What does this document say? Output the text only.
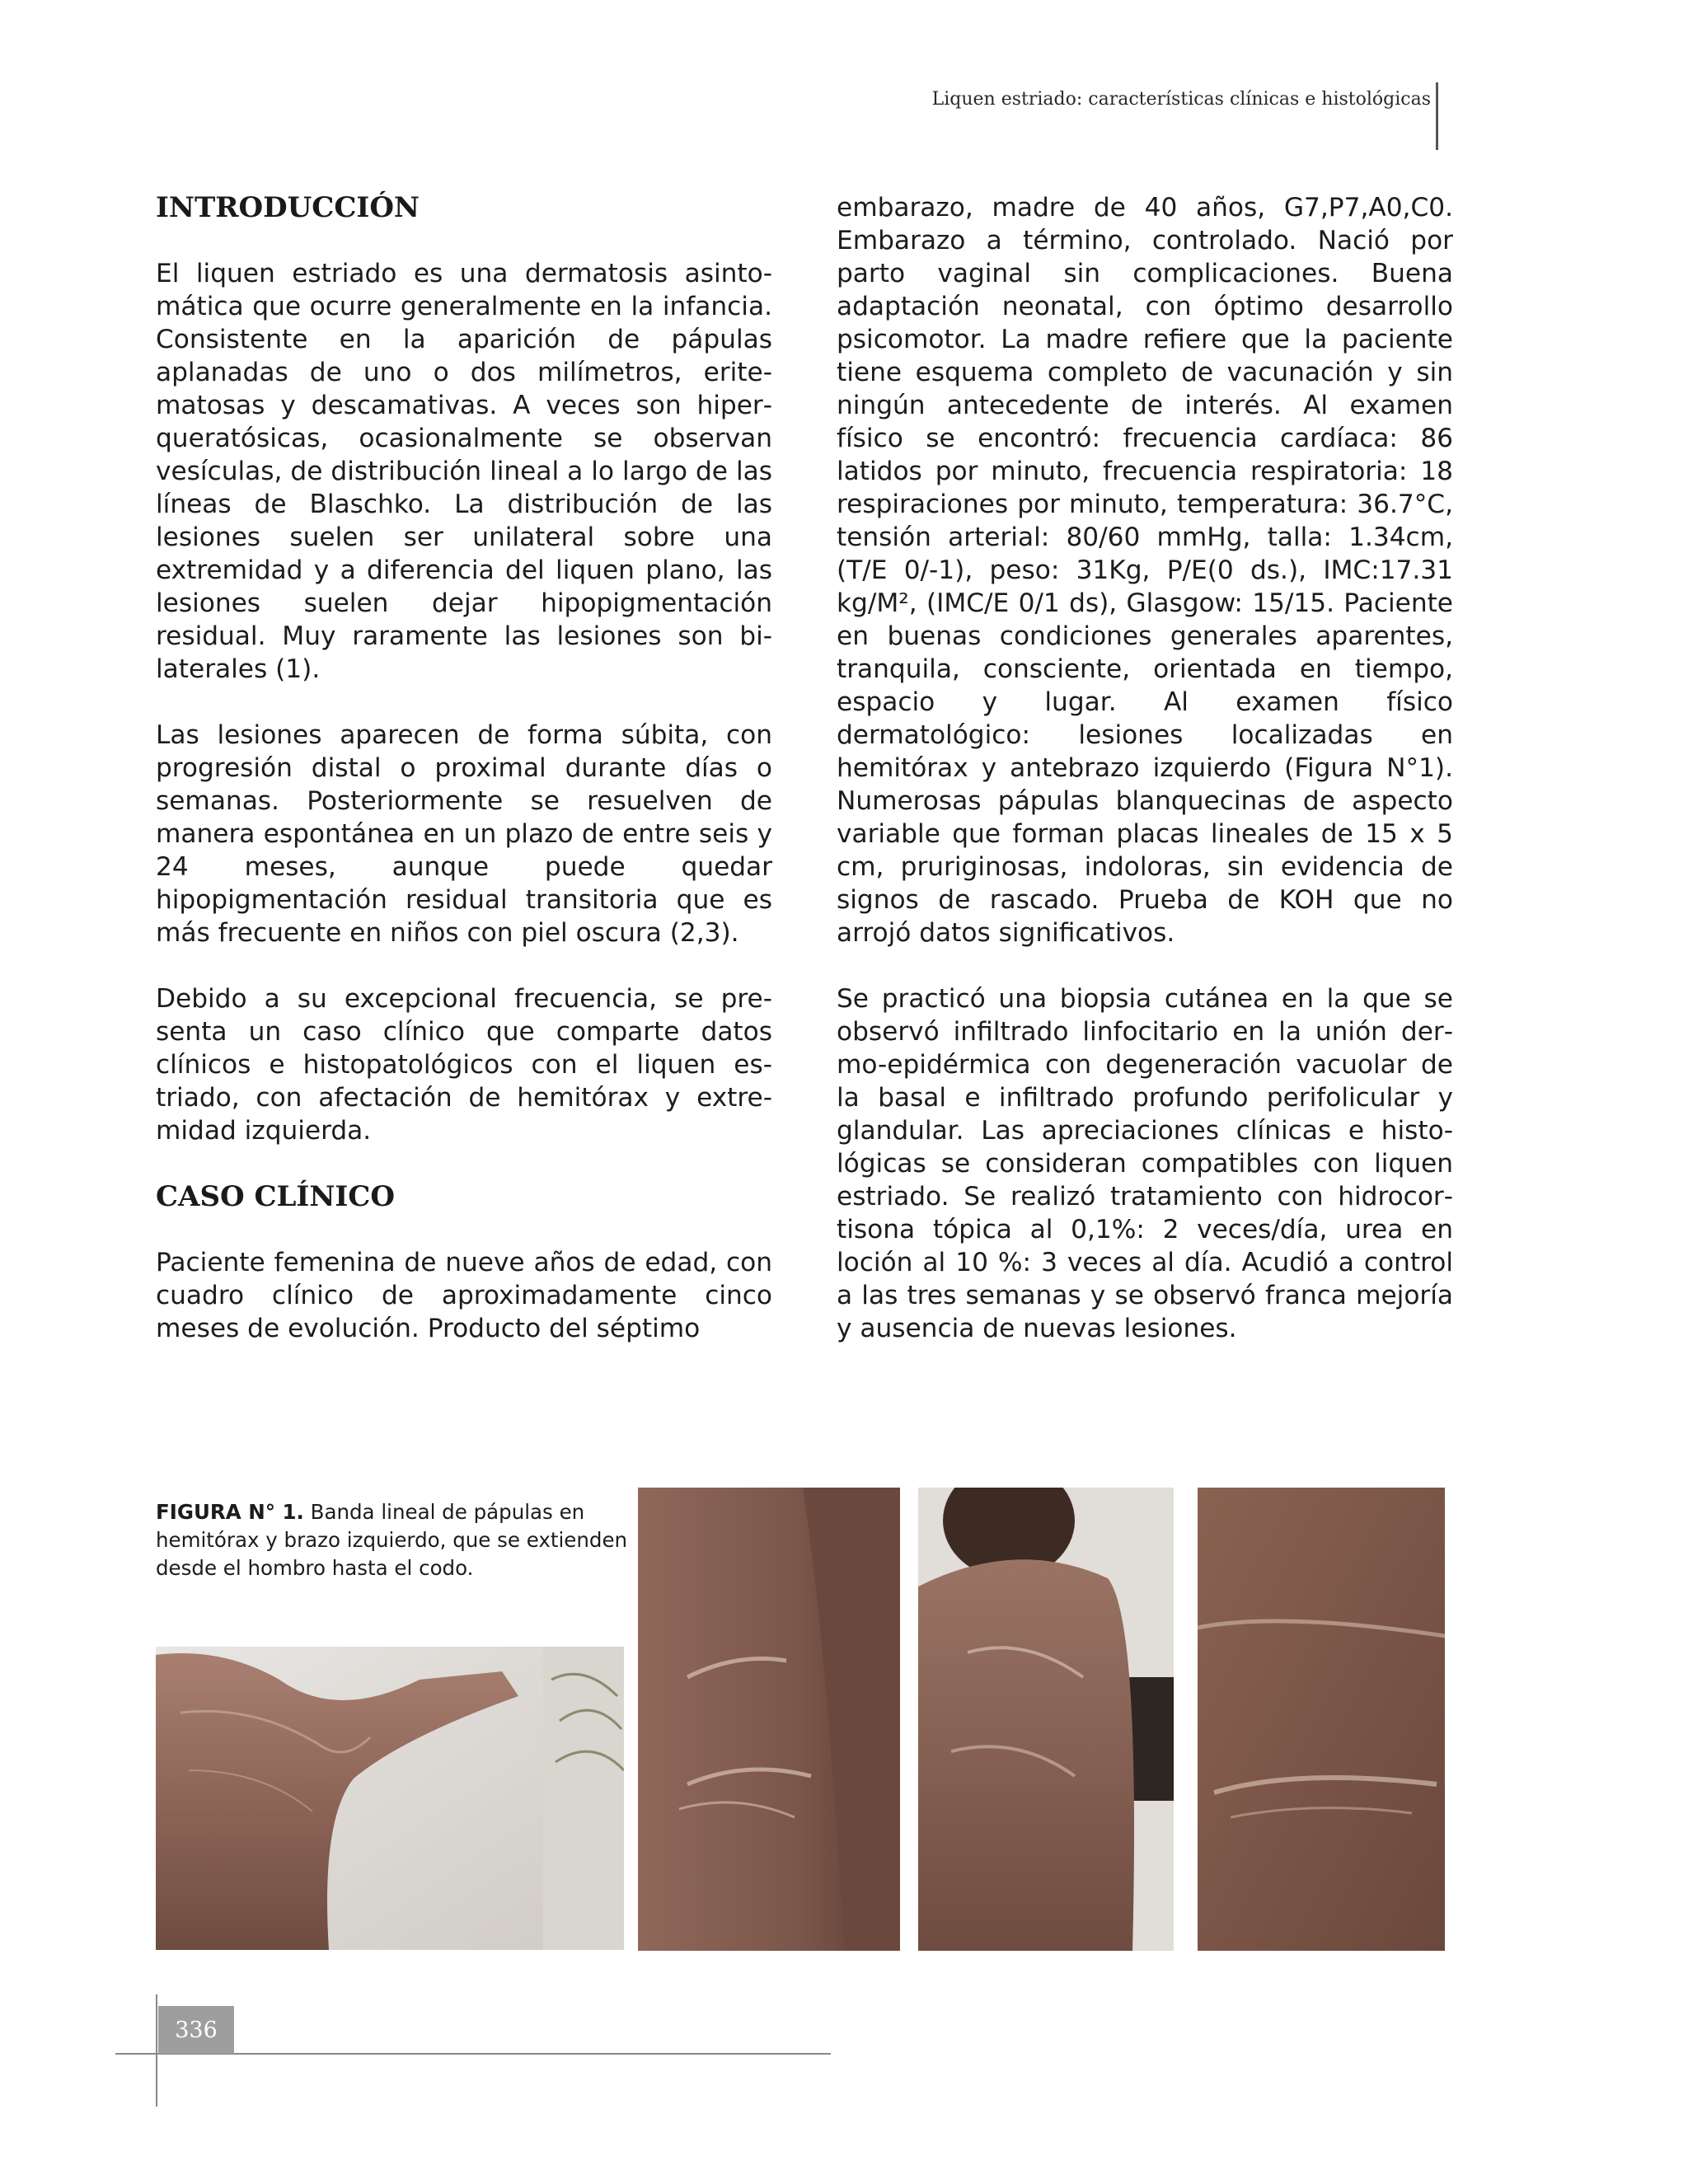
Liquen estriado: características clínicas e histológicas
INTRODUCCIÓN

El liquen estriado es una dermatosis asintomática que ocurre generalmente en la infancia. Consistente en la aparición de pápulas aplanadas de uno o dos milímetros, eritematosas y descamativas. A veces son hiperqueratósicas, ocasionalmente se observan vesículas, de distribución lineal a lo largo de las líneas de Blaschko. La distribución de las lesiones suelen ser unilateral sobre una extremidad y a diferencia del liquen plano, las lesiones suelen dejar hipopigmentación residual. Muy raramente las lesiones son bilaterales (1).

Las lesiones aparecen de forma súbita, con progresión distal o proximal durante días o semanas. Posteriormente se resuelven de manera espontánea en un plazo de entre seis y 24 meses, aunque puede quedar hipopigmentación residual transitoria que es más frecuente en niños con piel oscura (2,3).

Debido a su excepcional frecuencia, se presenta un caso clínico que comparte datos clínicos e histopatológicos con el liquen estriado, con afectación de hemitórax y extremidad izquierda.

CASO CLÍNICO

Paciente femenina de nueve años de edad, con cuadro clínico de aproximadamente cinco meses de evolución. Producto del séptimo

embarazo, madre de 40 años, G7,P7,A0,C0. Embarazo a término, controlado. Nació por parto vaginal sin complicaciones. Buena adaptación neonatal, con óptimo desarrollo psicomotor. La madre refiere que la paciente tiene esquema completo de vacunación y sin ningún antecedente de interés. Al examen físico se encontró: frecuencia cardíaca: 86 latidos por minuto, frecuencia respiratoria: 18 respiraciones por minuto, temperatura: 36.7°C, tensión arterial: 80/60 mmHg, talla: 1.34cm, (T/E 0/-1), peso: 31Kg, P/E(0 ds.), IMC:17.31 kg/M², (IMC/E 0/1 ds), Glasgow: 15/15. Paciente en buenas condiciones generales aparentes, tranquila, consciente, orientada en tiempo, espacio y lugar. Al examen físico dermatológico: lesiones localizadas en hemitórax y antebrazo izquierdo (Figura N°1). Numerosas pápulas blanquecinas de aspecto variable que forman placas lineales de 15 x 5 cm, pruriginosas, indoloras, sin evidencia de signos de rascado. Prueba de KOH que no arrojó datos significativos.

Se practicó una biopsia cutánea en la que se observó infiltrado linfocitario en la unión dermo-epidérmica con degeneración vacuolar de la basal e infiltrado profundo perifolicular y glandular. Las apreciaciones clínicas e histológicas se consideran compatibles con liquen estriado. Se realizó tratamiento con hidrocortisona tópica al 0,1%: 2 veces/día, urea en loción al 10 %: 3 veces al día. Acudió a control a las tres semanas y se observó franca mejoría y ausencia de nuevas lesiones.

FIGURA N° 1. Banda lineal de pápulas en hemitórax y brazo izquierdo, que se extienden desde el hombro hasta el codo.

336
